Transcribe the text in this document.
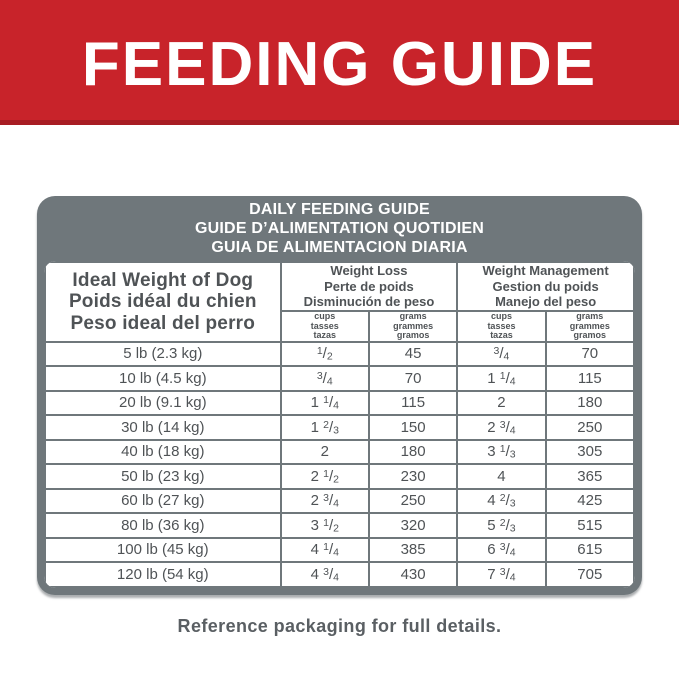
FEEDING GUIDE
DAILY FEEDING GUIDE
GUIDE D’ALIMENTATION QUOTIDIEN
GUIA DE ALIMENTACION DIARIA
Ideal Weight of Dog
Poids idéal du chien
Peso ideal del perro	Weight Loss
Perte de poids
Disminución de peso		Weight Management
Gestion du poids
Manejo del peso	

	cups
tasses
tazas	grams
grammes
gramos	cups
tasses
tazas	grams
grammes
gramos

5 lb (2.3 kg)	$^1/_2$	45	$^3/_4$	70
10 lb (4.5 kg)	$^3/_4$	70	1 $^1/_4$	115
20 lb (9.1 kg)	1 $^1/_4$	115	2	180
30 lb (14 kg)	1 $^2/_3$	150	2 $^3/_4$	250
40 lb (18 kg)	2	180	3 $^1/_3$	305
50 lb (23 kg)	2 $^1/_2$	230	4	365
60 lb (27 kg)	2 $^3/_4$	250	4 $^2/_3$	425
80 lb (36 kg)	3 $^1/_2$	320	5 $^2/_3$	515
100 lb (45 kg)	4 $^1/_4$	385	6 $^3/_4$	615
120 lb (54 kg)	4 $^3/_4$	430	7 $^3/_4$	705
Reference packaging for full details.
